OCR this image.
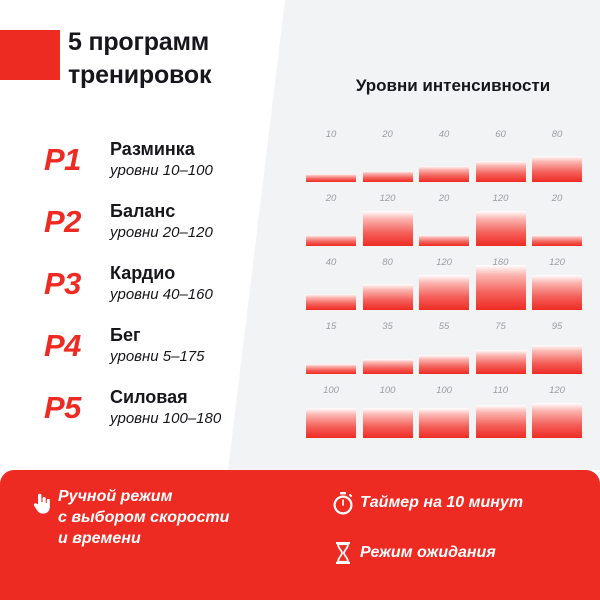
5 программ
тренировок
P1	Разминка
уровни 10–100
P2	Баланс
уровни 20–120
P3	Кардио
уровни 40–160
P4	Бег
уровни 5–175
P5	Силовая
уровни 100–180
Уровни интенсивности
10	20	40	60	80
20	120	20	120	20
40	80	120	160	120
15	35	55	75	95
100	100	100	110	120
Ручной режим
с выбором скорости
и времени
Таймер на 10 минут
Режим ожидания
